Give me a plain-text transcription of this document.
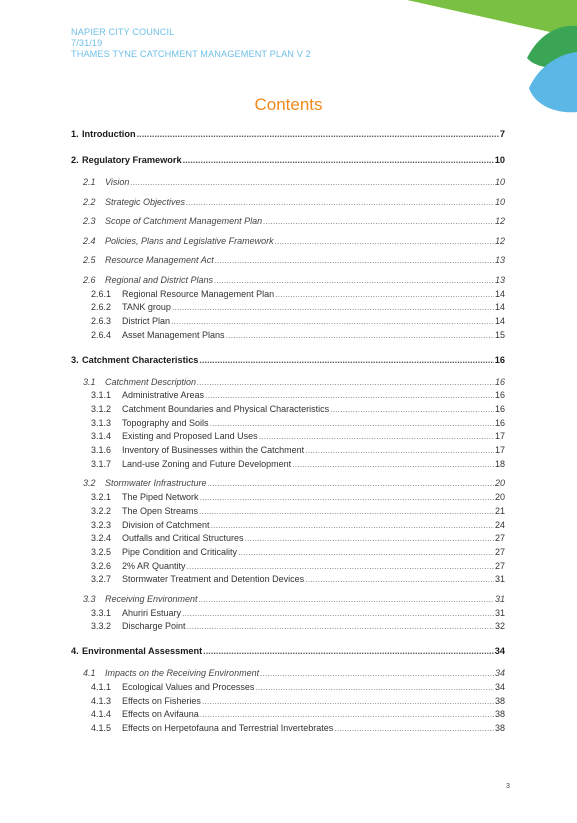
NAPIER CITY COUNCIL
7/31/19
THAMES TYNE CATCHMENT MANAGEMENT PLAN V 2
Contents
1. Introduction .....	7
2. Regulatory Framework .....	10
2.1	Vision .....	10
2.2	Strategic Objectives .....	10
2.3	Scope of Catchment Management Plan .....	12
2.4	Policies, Plans and Legislative Framework .....	12
2.5	Resource Management Act .....	13
2.6	Regional and District Plans .....	13
2.6.1	Regional Resource Management Plan .....	14
2.6.2	TANK group .....	14
2.6.3	District Plan .....	14
2.6.4	Asset Management Plans .....	15
3. Catchment Characteristics .....	16
3.1	Catchment Description .....	16
3.1.1	Administrative Areas .....	16
3.1.2	Catchment Boundaries and Physical Characteristics .....	16
3.1.3	Topography and Soils .....	16
3.1.4	Existing and Proposed Land Uses .....	17
3.1.6	Inventory of Businesses within the Catchment .....	17
3.1.7	Land-use Zoning and Future Development .....	18
3.2	Stormwater Infrastructure .....	20
3.2.1	The Piped Network .....	20
3.2.2	The Open Streams .....	21
3.2.3	Division of Catchment .....	24
3.2.4	Outfalls and Critical Structures .....	27
3.2.5	Pipe Condition and Criticality .....	27
3.2.6	2% AR Quantity .....	27
3.2.7	Stormwater Treatment and Detention Devices .....	31
3.3	Receiving Environment .....	31
3.3.1	Ahuriri Estuary .....	31
3.3.2	Discharge Point .....	32
4. Environmental Assessment .....	34
4.1	Impacts on the Receiving Environment .....	34
4.1.1	Ecological Values and Processes .....	34
4.1.3	Effects on Fisheries .....	38
4.1.4	Effects on Avifauna .....	38
4.1.5	Effects on Herpetofauna and Terrestrial Invertebrates .....	38
3
